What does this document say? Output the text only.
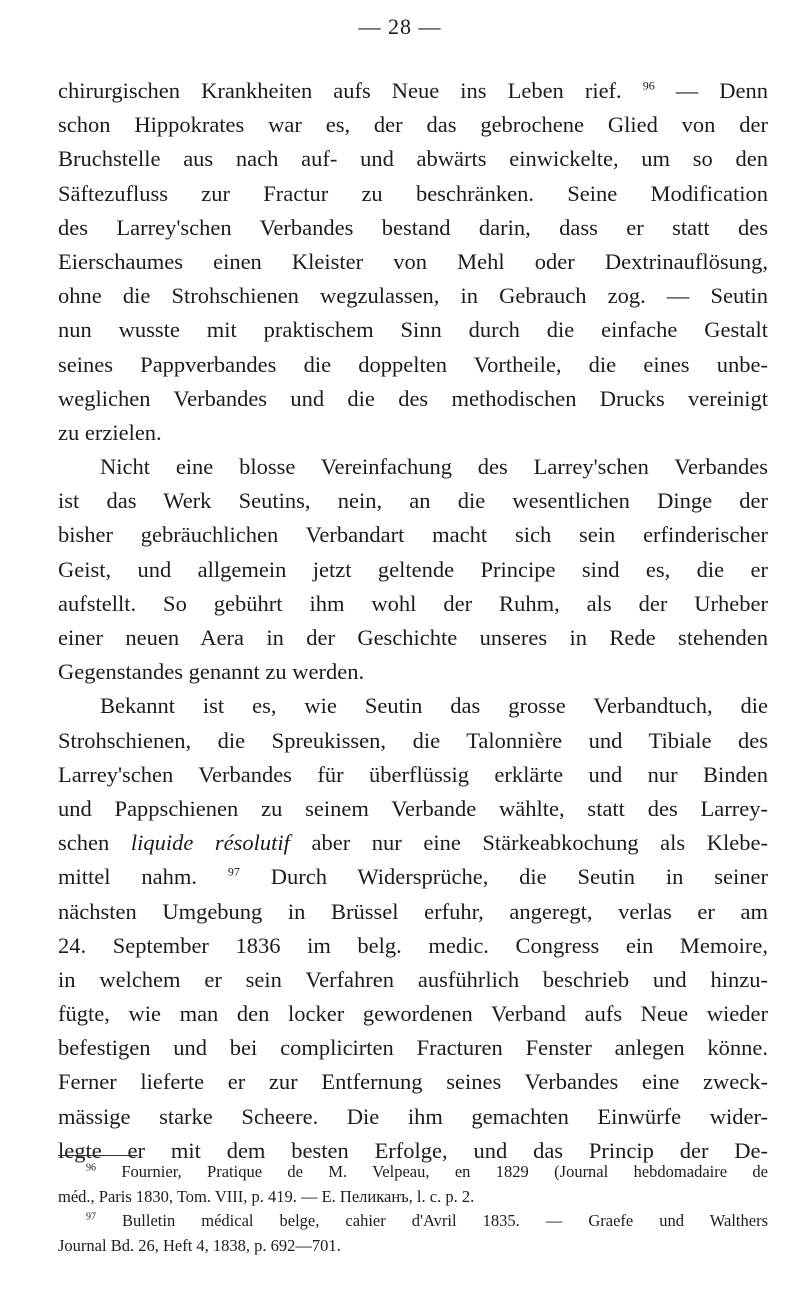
— 28 —
chirurgischen Krankheiten aufs Neue ins Leben rief. $^{96}$ — Denn
schon Hippokrates war es, der das gebrochene Glied von der
Bruchstelle aus nach auf- und abwärts einwickelte, um so den
Säftezufluss zur Fractur zu beschränken. Seine Modification
des Larrey'schen Verbandes bestand darin, dass er statt des
Eierschaumes einen Kleister von Mehl oder Dextrinauflösung,
ohne die Strohschienen wegzulassen, in Gebrauch zog. — Seutin
nun wusste mit praktischem Sinn durch die einfache Gestalt
seines Pappverbandes die doppelten Vortheile, die eines unbe-
weglichen Verbandes und die des methodischen Drucks vereinigt
zu erzielen.
Nicht eine blosse Vereinfachung des Larrey'schen Verbandes
ist das Werk Seutins, nein, an die wesentlichen Dinge der
bisher gebräuchlichen Verbandart macht sich sein erfinderischer
Geist, und allgemein jetzt geltende Principe sind es, die er
aufstellt. So gebührt ihm wohl der Ruhm, als der Urheber
einer neuen Aera in der Geschichte unseres in Rede stehenden
Gegenstandes genannt zu werden.
Bekannt ist es, wie Seutin das grosse Verbandtuch, die
Strohschienen, die Spreukissen, die Talonnière und Tibiale des
Larrey'schen Verbandes für überflüssig erklärte und nur Binden
und Pappschienen zu seinem Verbande wählte, statt des Larrey-
schen liquide résolutif aber nur eine Stärkeabkochung als Klebe-
mittel nahm. $^{97}$ Durch Widersprüche, die Seutin in seiner
nächsten Umgebung in Brüssel erfuhr, angeregt, verlas er am
24. September 1836 im belg. medic. Congress ein Memoire,
in welchem er sein Verfahren ausführlich beschrieb und hinzu-
fügte, wie man den locker gewordenen Verband aufs Neue wieder
befestigen und bei complicirten Fracturen Fenster anlegen könne.
Ferner lieferte er zur Entfernung seines Verbandes eine zweck-
mässige starke Scheere. Die ihm gemachten Einwürfe wider-
legte er mit dem besten Erfolge, und das Princip der De-
$^{96}$ Fournier, Pratique de M. Velpeau, en 1829 (Journal hebdomadaire de
méd., Paris 1830, Tom. VIII, p. 419. — E. Пеликанъ, l. c. p. 2.
$^{97}$ Bulletin médical belge, cahier d'Avril 1835. — Graefe und Walthers
Journal Bd. 26, Heft 4, 1838, p. 692—701.
